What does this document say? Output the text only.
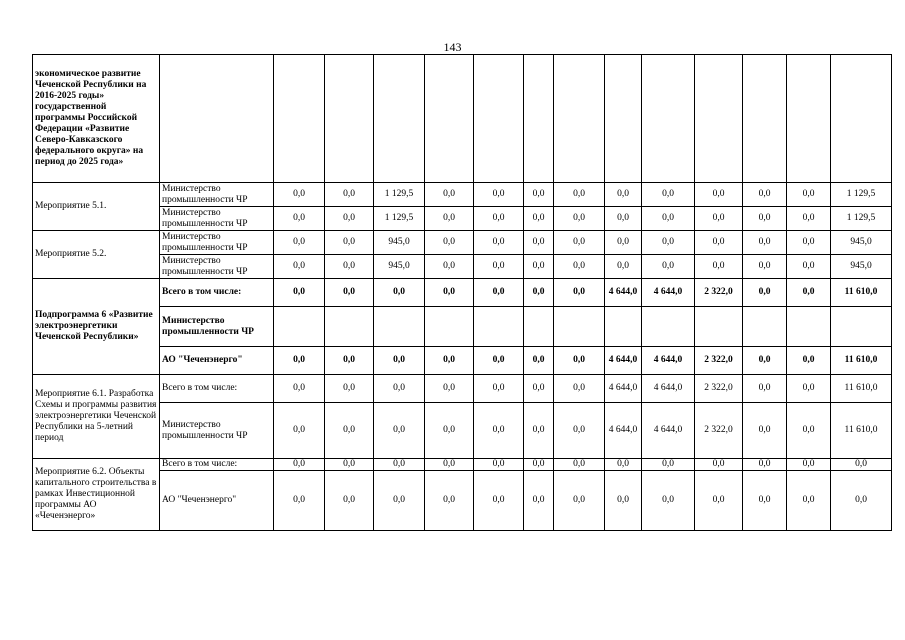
143
экономическое развитие Чеченской Республики на 2016-2025 годы» государственной программы Российской Федерации «Развитие Северо-Кавказского федерального округа» на период до 2025 года»														
Мероприятие 5.1.	Министерство промышленности ЧР	0,0	0,0	1 129,5	0,0	0,0	0,0	0,0	0,0	0,0	0,0	0,0	0,0	1 129,5
	Министерство промышленности ЧР	0,0	0,0	1 129,5	0,0	0,0	0,0	0,0	0,0	0,0	0,0	0,0	0,0	1 129,5
Мероприятие 5.2.	Министерство промышленности ЧР	0,0	0,0	945,0	0,0	0,0	0,0	0,0	0,0	0,0	0,0	0,0	0,0	945,0
	Министерство промышленности ЧР	0,0	0,0	945,0	0,0	0,0	0,0	0,0	0,0	0,0	0,0	0,0	0,0	945,0
Подпрограмма 6 «Развитие электроэнергетики Чеченской Республики»	Всего в том числе:	0,0	0,0	0,0	0,0	0,0	0,0	0,0	4 644,0	4 644,0	2 322,0	0,0	0,0	11 610,0
	Министерство промышленности ЧР													
	АО "Чеченэнерго"	0,0	0,0	0,0	0,0	0,0	0,0	0,0	4 644,0	4 644,0	2 322,0	0,0	0,0	11 610,0
Мероприятие 6.1. Разработка Схемы и программы развития электроэнергетики Чеченской Республики на 5-летний период	Всего в том числе:	0,0	0,0	0,0	0,0	0,0	0,0	0,0	4 644,0	4 644,0	2 322,0	0,0	0,0	11 610,0
	Министерство промышленности ЧР	0,0	0,0	0,0	0,0	0,0	0,0	0,0	4 644,0	4 644,0	2 322,0	0,0	0,0	11 610,0
Мероприятие 6.2. Объекты капитального строительства в рамках Инвестиционной программы АО «Чеченэнерго»	Всего в том числе:	0,0	0,0	0,0	0,0	0,0	0,0	0,0	0,0	0,0	0,0	0,0	0,0	0,0
	АО "Чеченэнерго"	0,0	0,0	0,0	0,0	0,0	0,0	0,0	0,0	0,0	0,0	0,0	0,0	0,0
